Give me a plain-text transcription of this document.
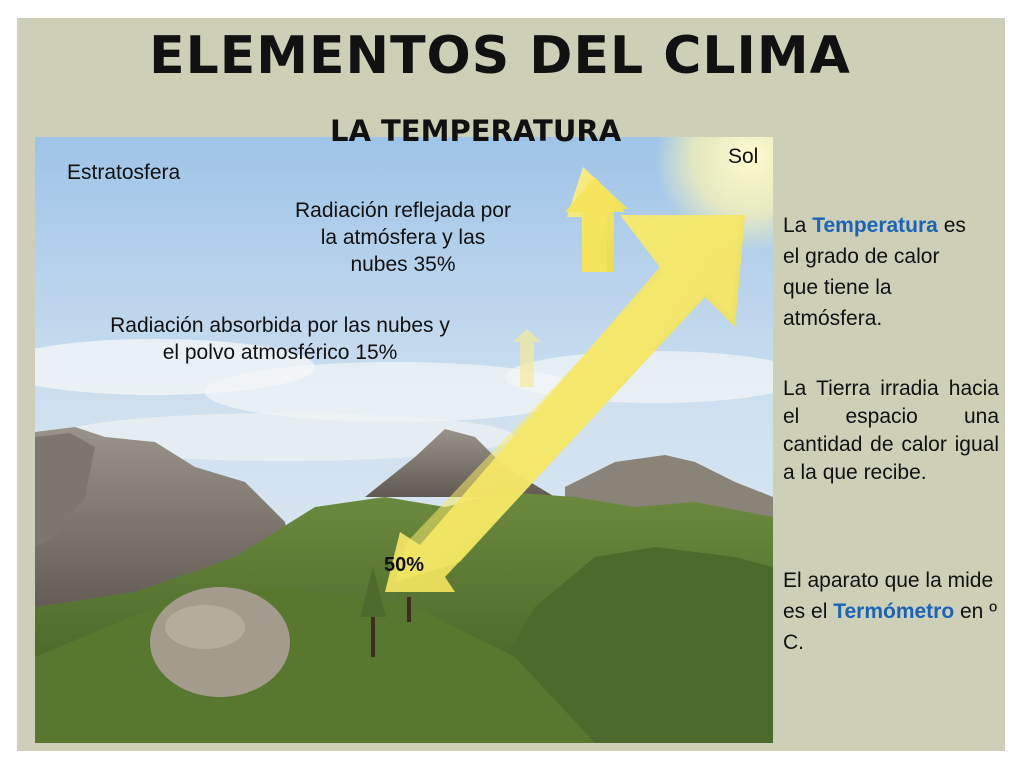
ELEMENTOS DEL CLIMA
Estratosfera
Sol
Radiación reflejada por
la atmósfera y las
nubes 35%
Radiación absorbida por las nubes y
el polvo atmosférico 15%
50%
LA TEMPERATURA
La Temperatura es el grado de calor que tiene la atmósfera.
La Tierra irradia hacia el espacio una cantidad de calor igual a la que recibe.
El aparato que la mide es el Termómetro en º C.
